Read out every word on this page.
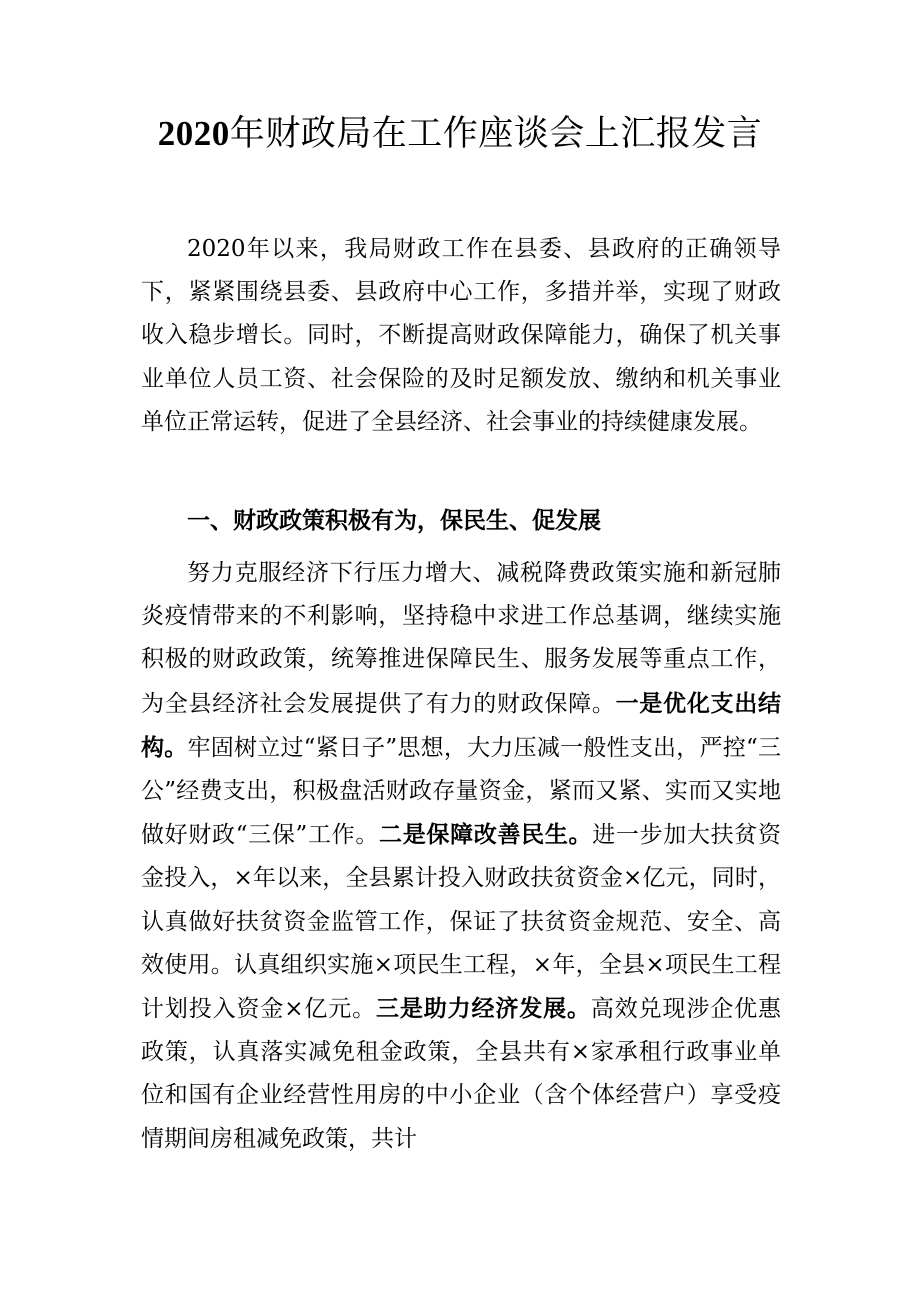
2020年财政局在工作座谈会上汇报发言

2020年以来，我局财政工作在县委、县政府的正确领导下，紧紧围绕县委、县政府中心工作，多措并举，实现了财政收入稳步增长。同时，不断提高财政保障能力，确保了机关事业单位人员工资、社会保险的及时足额发放、缴纳和机关事业单位正常运转，促进了全县经济、社会事业的持续健康发展。

一、财政政策积极有为，保民生、促发展

努力克服经济下行压力增大、减税降费政策实施和新冠肺炎疫情带来的不利影响，坚持稳中求进工作总基调，继续实施积极的财政政策，统筹推进保障民生、服务发展等重点工作，为全县经济社会发展提供了有力的财政保障。一是优化支出结构。牢固树立过“紧日子”思想，大力压减一般性支出，严控“三公”经费支出，积极盘活财政存量资金，紧而又紧、实而又实地做好财政“三保”工作。二是保障改善民生。进一步加大扶贫资金投入，×年以来，全县累计投入财政扶贫资金×亿元，同时，认真做好扶贫资金监管工作，保证了扶贫资金规范、安全、高效使用。认真组织实施×项民生工程，×年，全县×项民生工程计划投入资金×亿元。三是助力经济发展。高效兑现涉企优惠政策，认真落实减免租金政策，全县共有×家承租行政事业单位和国有企业经营性用房的中小企业（含个体经营户）享受疫情期间房租减免政策，共计
